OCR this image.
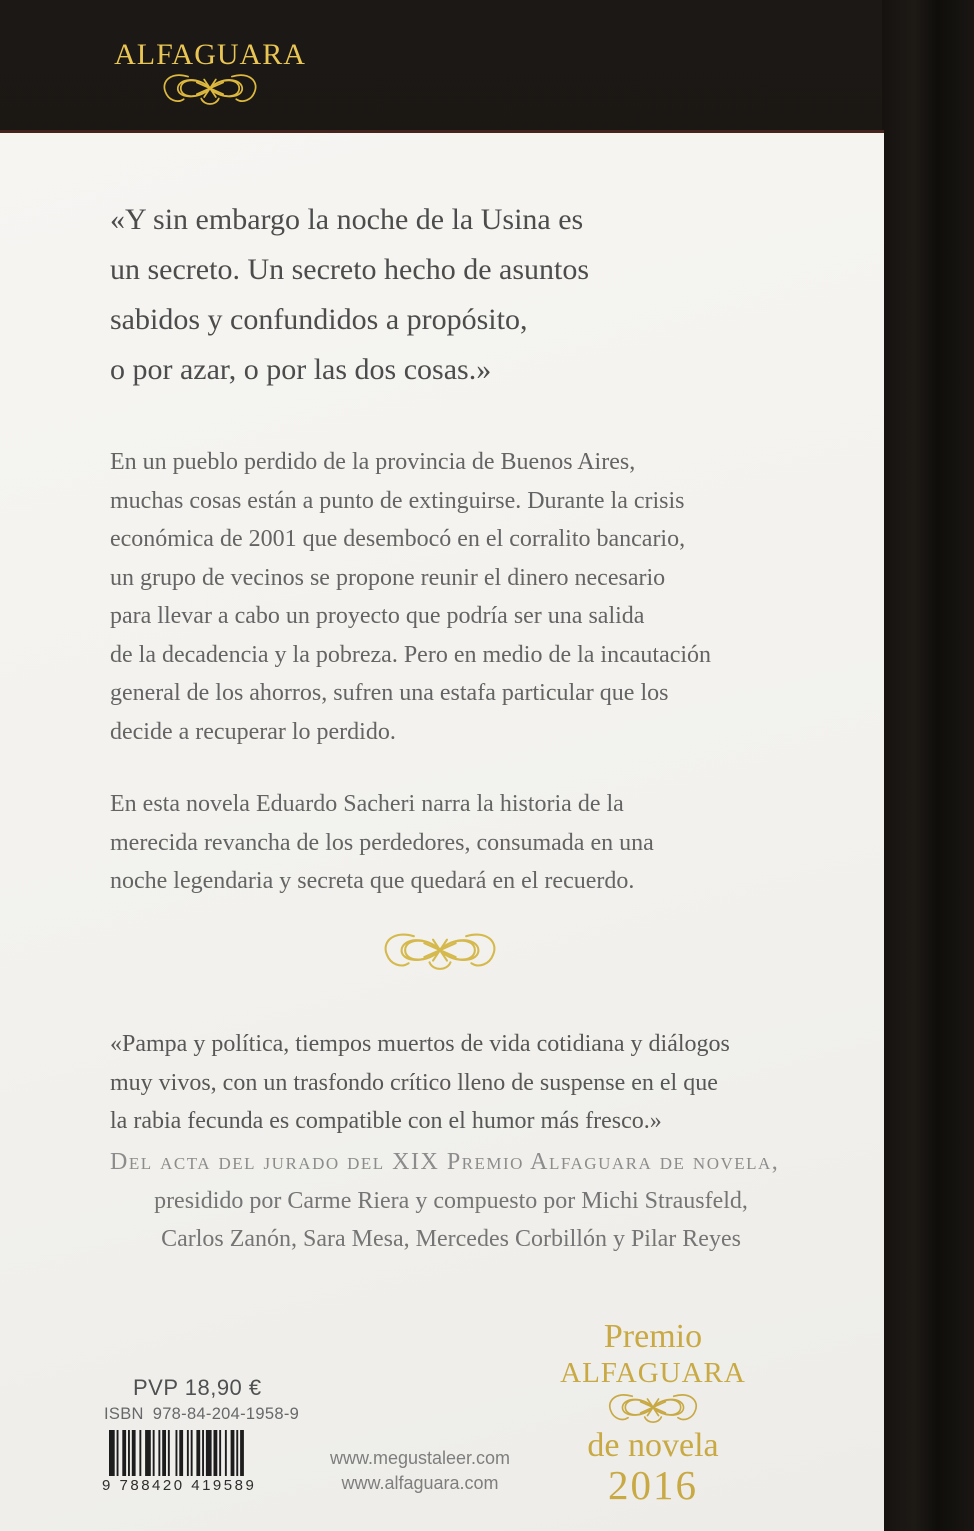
ALFAGUARA
«Y sin embargo la noche de la Usina es
un secreto. Un secreto hecho de asuntos
sabidos y confundidos a propósito,
o por azar, o por las dos cosas.»
En un pueblo perdido de la provincia de Buenos Aires,
muchas cosas están a punto de extinguirse. Durante la crisis
económica de 2001 que desembocó en el corralito bancario,
un grupo de vecinos se propone reunir el dinero necesario
para llevar a cabo un proyecto que podría ser una salida
de la decadencia y la pobreza. Pero en medio de la incautación
general de los ahorros, sufren una estafa particular que los
decide a recuperar lo perdido.
En esta novela Eduardo Sacheri narra la historia de la
merecida revancha de los perdedores, consumada en una
noche legendaria y secreta que quedará en el recuerdo.
«Pampa y política, tiempos muertos de vida cotidiana y diálogos
muy vivos, con un trasfondo crítico lleno de suspense en el que
la rabia fecunda es compatible con el humor más fresco.»
Del acta del jurado del XIX Premio Alfaguara de novela,
presidido por Carme Riera y compuesto por Michi Strausfeld,
Carlos Zanón, Sara Mesa, Mercedes Corbillón y Pilar Reyes
Premio
ALFAGUARA
de novela
2016
PVP 18,90 €
ISBN 978-84-204-1958-9
9 788420 419589
www.megustaleer.com
www.alfaguara.com
